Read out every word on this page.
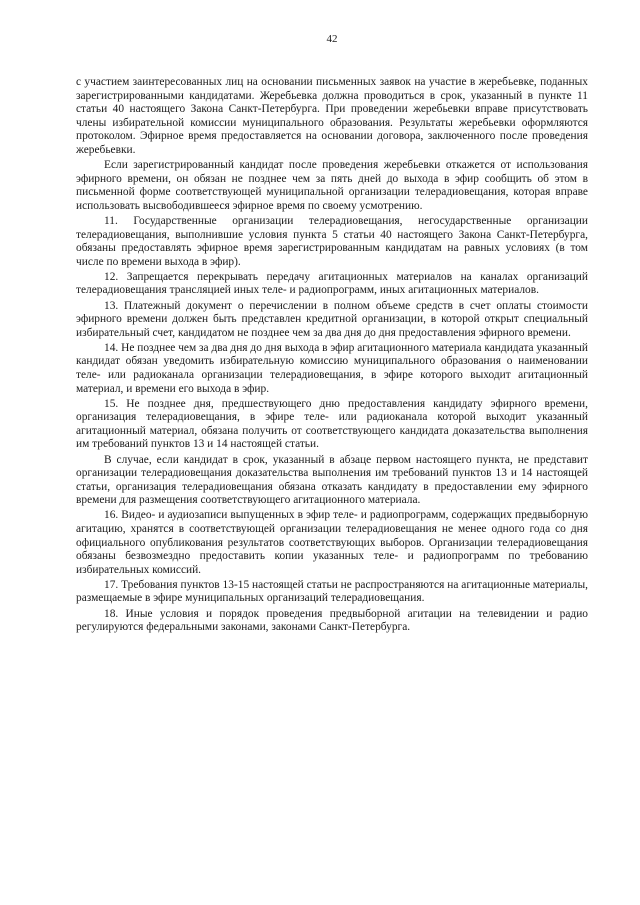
42

с участием заинтересованных лиц на основании письменных заявок на участие в жеребьевке, поданных зарегистрированными кандидатами. Жеребьевка должна проводиться в срок, указанный в пункте 11 статьи 40 настоящего Закона Санкт-Петербурга. При проведении жеребьевки вправе присутствовать члены избирательной комиссии муниципального образования. Результаты жеребьевки оформляются протоколом. Эфирное время предоставляется на основании договора, заключенного после проведения жеребьевки.

Если зарегистрированный кандидат после проведения жеребьевки откажется от использования эфирного времени, он обязан не позднее чем за пять дней до выхода в эфир сообщить об этом в письменной форме соответствующей муниципальной организации телерадиовещания, которая вправе использовать высвободившееся эфирное время по своему усмотрению.

11. Государственные организации телерадиовещания, негосударственные организации телерадиовещания, выполнившие условия пункта 5 статьи 40 настоящего Закона Санкт-Петербурга, обязаны предоставлять эфирное время зарегистрированным кандидатам на равных условиях (в том числе по времени выхода в эфир).

12. Запрещается перекрывать передачу агитационных материалов на каналах организаций телерадиовещания трансляцией иных теле- и радиопрограмм, иных агитационных материалов.

13. Платежный документ о перечислении в полном объеме средств в счет оплаты стоимости эфирного времени должен быть представлен кредитной организации, в которой открыт специальный избирательный счет, кандидатом не позднее чем за два дня до дня предоставления эфирного времени.

14. Не позднее чем за два дня до дня выхода в эфир агитационного материала кандидата указанный кандидат обязан уведомить избирательную комиссию муниципального образования о наименовании теле- или радиоканала организации телерадиовещания, в эфире которого выходит агитационный материал, и времени его выхода в эфир.

15. Не позднее дня, предшествующего дню предоставления кандидату эфирного времени, организация телерадиовещания, в эфире теле- или радиоканала которой выходит указанный агитационный материал, обязана получить от соответствующего кандидата доказательства выполнения им требований пунктов 13 и 14 настоящей статьи.

В случае, если кандидат в срок, указанный в абзаце первом настоящего пункта, не представит организации телерадиовещания доказательства выполнения им требований пунктов 13 и 14 настоящей статьи, организация телерадиовещания обязана отказать кандидату в предоставлении ему эфирного времени для размещения соответствующего агитационного материала.

16. Видео- и аудиозаписи выпущенных в эфир теле- и радиопрограмм, содержащих предвыборную агитацию, хранятся в соответствующей организации телерадиовещания не менее одного года со дня официального опубликования результатов соответствующих выборов. Организации телерадиовещания обязаны безвозмездно предоставить копии указанных теле- и радиопрограмм по требованию избирательных комиссий.

17. Требования пунктов 13-15 настоящей статьи не распространяются на агитационные материалы, размещаемые в эфире муниципальных организаций телерадиовещания.

18. Иные условия и порядок проведения предвыборной агитации на телевидении и радио регулируются федеральными законами, законами Санкт-Петербурга.
